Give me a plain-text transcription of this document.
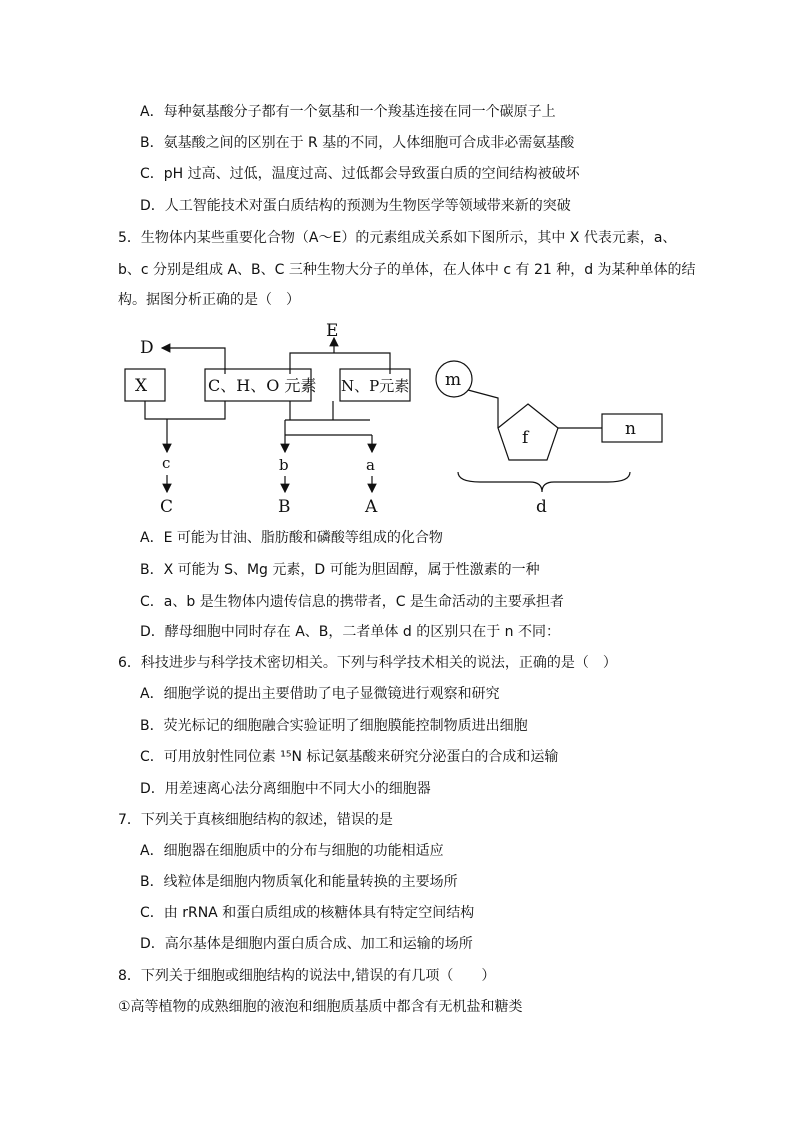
A．每种氨基酸分子都有一个氨基和一个羧基连接在同一个碳原子上
B．氨基酸之间的区别在于 R 基的不同，人体细胞可合成非必需氨基酸
C．pH 过高、过低，温度过高、过低都会导致蛋白质的空间结构被破坏
D．人工智能技术对蛋白质结构的预测为生物医学等领域带来新的突破
5．生物体内某些重要化合物（A～E）的元素组成关系如下图所示，其中 X 代表元素，a、
b、c 分别是组成 A、B、C 三种生物大分子的单体，在人体中 c 有 21 种，d 为某种单体的结
构。据图分析正确的是（　）
D
E
X	C、H、O 元素 N、P元素
c
C
b	a
B	A
m
f	n
d
A．E 可能为甘油、脂肪酸和磷酸等组成的化合物
B．X 可能为 S、Mg 元素，D 可能为胆固醇，属于性激素的一种
C．a、b 是生物体内遗传信息的携带者，C 是生命活动的主要承担者
D．酵母细胞中同时存在 A、B，二者单体 d 的区别只在于 n 不同：
6．科技进步与科学技术密切相关。下列与科学技术相关的说法，正确的是（　）
A．细胞学说的提出主要借助了电子显微镜进行观察和研究
B．荧光标记的细胞融合实验证明了细胞膜能控制物质进出细胞
C．可用放射性同位素 ¹⁵N 标记氨基酸来研究分泌蛋白的合成和运输
D．用差速离心法分离细胞中不同大小的细胞器
7．下列关于真核细胞结构的叙述，错误的是
A．细胞器在细胞质中的分布与细胞的功能相适应
B．线粒体是细胞内物质氧化和能量转换的主要场所
C．由 rRNA 和蛋白质组成的核糖体具有特定空间结构
D．高尔基体是细胞内蛋白质合成、加工和运输的场所
8．下列关于细胞或细胞结构的说法中,错误的有几项（　　）
①高等植物的成熟细胞的液泡和细胞质基质中都含有无机盐和糖类
